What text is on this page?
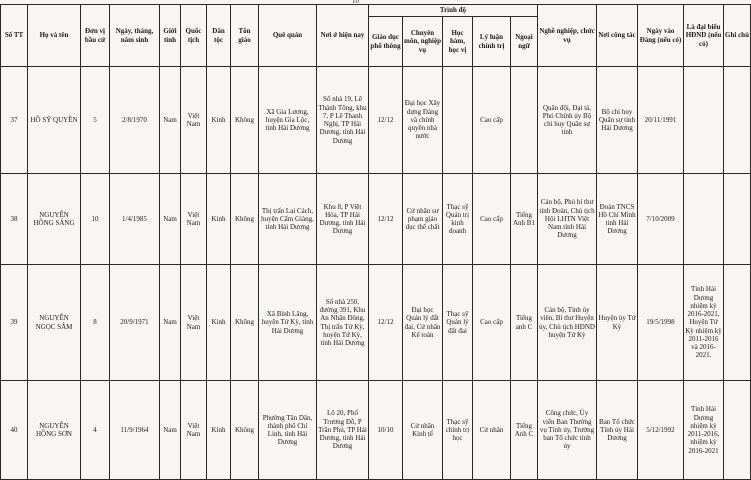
10
Số TT	Họ và tên	Đơn vị bầu cử	Ngày, tháng, năm sinh	Giới tính	Quốc tịch	Dân tộc	Tôn giáo	Quê quán	Nơi ở hiện nay	Trình độ					Nghề nghiệp, chức vụ	Nơi công tác	Ngày vào Đảng (nếu có)	Là đại biểu HĐND (nếu có)	Ghi chú
										Giáo dục phổ thông	Chuyên môn, nghiệp vụ	Học hàm, học vị	Lý luận chính trị	Ngoại ngữ					
37	HỒ SỸ QUYỀN	5	2/8/1970	Nam	Việt Nam	Kinh	Không	Xã Gia Lương, huyện Gia Lộc, tỉnh Hải Dương	Số nhà 19, Lê Thánh Tông, khu 7, P Lê Thanh Nghị, TP Hải Dương, tỉnh Hải Dương	12/12	Đại học Xây dựng Đảng và chính quyền nhà nước		Cao cấp		Quân đội, Đại tá, Phó Chính ủy Bộ chỉ huy Quân sự tỉnh	Bộ chỉ huy Quân sự tỉnh Hải Dương	20/11/1991		
38	NGUYỄN HỒNG SÁNG	10	1/4/1985	Nam	Việt Nam	Kinh	Không	Thị trấn Lai Cách, huyện Cẩm Giàng, tỉnh Hải Dương	Khu 8, P Việt Hòa, TP Hải Dương, tỉnh Hải Dương	12/12	Cử nhân sư phạm giáo dục thể chất	Thạc sỹ Quản trị kinh doanh	Cao cấp	Tiếng Anh B1	Cán bộ, Phó bí thư tỉnh Đoàn, Chủ tịch Hội LHTN Việt Nam tỉnh Hải Dương	Đoàn TNCS Hồ Chí Minh tỉnh Hải Dương	7/10/2009		
39	NGUYỄN NGỌC SÂM	8	20/9/1971	Nam	Việt Nam	Kinh	Không	Xã Bình Lãng, huyện Tứ Kỳ, tỉnh Hải Dương	Số nhà 250, đường 391, Khu An Nhân Đông, Thị trấn Tứ Kỳ, huyện Tứ Kỳ, tỉnh Hải Dương	12/12	Đại học Quản lý đất đai, Cử nhân Kế toán	Thạc sỹ Quản lý đất đai	Cao cấp	Tiếng anh C	Cán bộ, Tỉnh ủy viên, Bí thư Huyện ủy, Chủ tịch HĐND huyện Tứ Kỳ	Huyện ủy Tứ Kỳ	19/5/1998	Tỉnh Hải Dương nhiệm kỳ 2016-2021, Huyện Tứ Kỳ nhiệm kỳ 2011-2016 và 2016-2021.	
40	NGUYỄN HỒNG SƠN	4	11/9/1964	Nam	Việt Nam	Kinh	Không	Phường Tân Dân, thành phố Chí Linh, tỉnh Hải Dương	Lô 20, Phố Trương Đỗ, P Trần Phú, TP Hải Dương, tỉnh Hải Dương	10/10	Cử nhân Kinh tế	Thạc sỹ chính trị học	Cử nhân	Tiếng Anh C	Công chức, Ủy viên Ban Thường vụ Tỉnh ủy, Trưởng ban Tổ chức tỉnh ủy	Ban Tổ chức Tỉnh ủy Hải Dương	5/12/1992	Tỉnh Hải Dương nhiệm kỳ 2011-2016, nhiệm kỳ 2016-2021	
